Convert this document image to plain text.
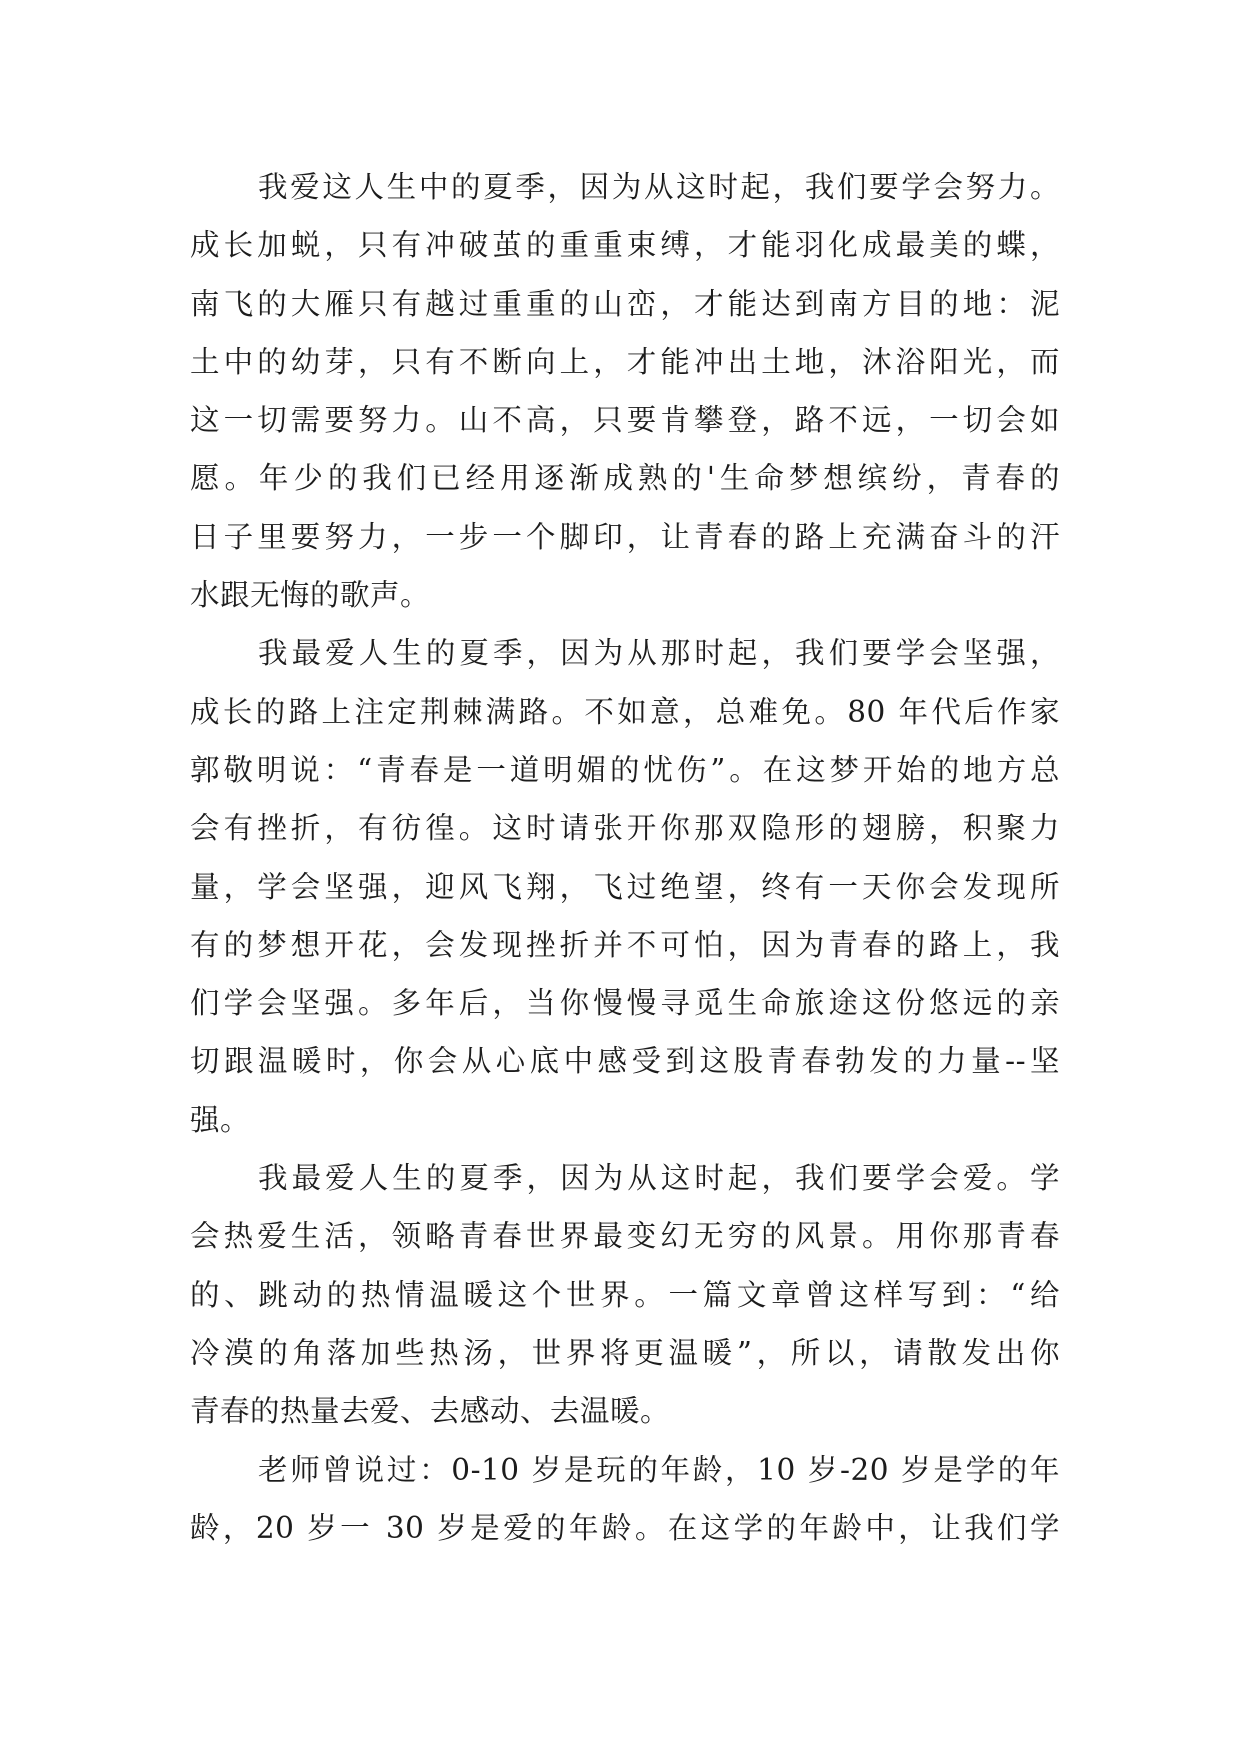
我爱这人生中的夏季，因为从这时起，我们要学会努力。
成长加蜕，只有冲破茧的重重束缚，才能羽化成最美的蝶，
南飞的大雁只有越过重重的山峦，才能达到南方目的地：泥
土中的幼芽，只有不断向上，才能冲出土地，沐浴阳光，而
这一切需要努力。山不高，只要肯攀登，路不远，一切会如
愿。年少的我们已经用逐渐成熟的'生命梦想缤纷，青春的
日子里要努力，一步一个脚印，让青春的路上充满奋斗的汗
水跟无悔的歌声。
我最爱人生的夏季，因为从那时起，我们要学会坚强，
成长的路上注定荆棘满路。不如意，总难免。80 年代后作家
郭敬明说：“青春是一道明媚的忧伤”。在这梦开始的地方总
会有挫折，有彷徨。这时请张开你那双隐形的翅膀，积聚力
量，学会坚强，迎风飞翔，飞过绝望，终有一天你会发现所
有的梦想开花，会发现挫折并不可怕，因为青春的路上，我
们学会坚强。多年后，当你慢慢寻觅生命旅途这份悠远的亲
切跟温暖时，你会从心底中感受到这股青春勃发的力量--坚
强。
我最爱人生的夏季，因为从这时起，我们要学会爱。学
会热爱生活，领略青春世界最变幻无穷的风景。用你那青春
的、跳动的热情温暖这个世界。一篇文章曾这样写到：“给
冷漠的角落加些热汤，世界将更温暖”，所以，请散发出你
青春的热量去爱、去感动、去温暖。
老师曾说过：0-10 岁是玩的年龄，10 岁-20 岁是学的年
龄，20 岁一 30 岁是爱的年龄。在这学的年龄中，让我们学
